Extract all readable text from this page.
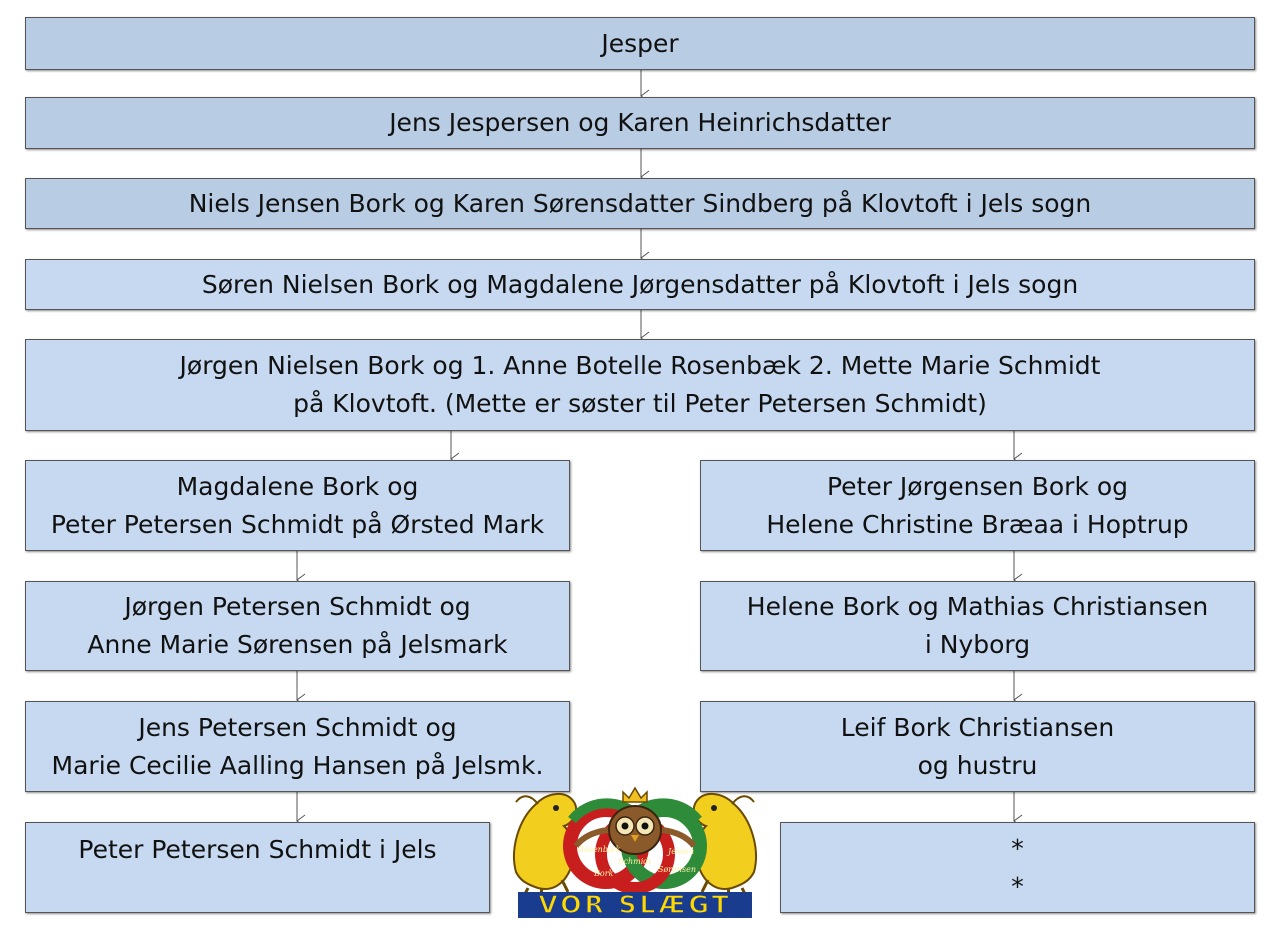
Jesper
Jens Jespersen og Karen Heinrichsdatter
Niels Jensen Bork og Karen Sørensdatter Sindberg på Klovtoft i Jels sogn
Søren Nielsen Bork og Magdalene Jørgensdatter på Klovtoft i Jels sogn
Jørgen Nielsen Bork og 1. Anne Botelle Rosenbæk 2. Mette Marie Schmidt
på Klovtoft. (Mette er søster til Peter Petersen Schmidt)
Magdalene Bork og
Peter Petersen Schmidt på Ørsted Mark
Jørgen Petersen Schmidt og
Anne Marie Sørensen på Jelsmark
Jens Petersen Schmidt og
Marie Cecilie Aalling Hansen på Jelsmk.
Peter Petersen Schmidt i Jels
Peter Jørgensen Bork og
Helene Christine Bræaa i Hoptrup
Helene Bork og Mathias Christiansen
i Nyborg
Leif Bork Christiansen
og hustru
*
*
VOR SLÆGT
Bork
Schmidt
Rosenbæk
Sørensen
Jessen
